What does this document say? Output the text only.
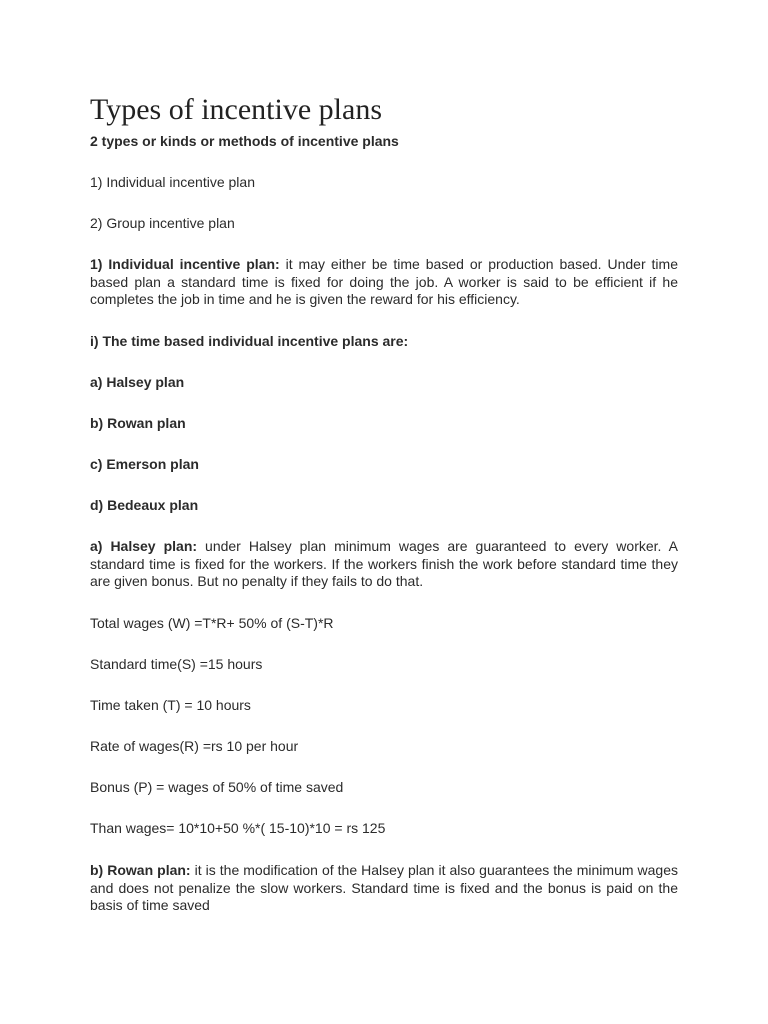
Types of incentive plans

2 types or kinds or methods of incentive plans

1) Individual incentive plan

2) Group incentive plan

1) Individual incentive plan: it may either be time based or production based. Under time based plan a standard time is fixed for doing the job. A worker is said to be efficient if he completes the job in time and he is given the reward for his efficiency.

i) The time based individual incentive plans are:

a) Halsey plan

b) Rowan plan

c) Emerson plan

d) Bedeaux plan

a) Halsey plan: under Halsey plan minimum wages are guaranteed to every worker. A standard time is fixed for the workers. If the workers finish the work before standard time they are given bonus. But no penalty if they fails to do that.

Total wages (W) =T*R+ 50% of (S-T)*R

Standard time(S) =15 hours

Time taken (T) = 10 hours

Rate of wages(R) =rs 10 per hour

Bonus (P) = wages of 50% of time saved

Than wages= 10*10+50 %*( 15-10)*10 = rs 125

b) Rowan plan: it is the modification of the Halsey plan it also guarantees the minimum wages and does not penalize the slow workers. Standard time is fixed and the bonus is paid on the basis of time saved
